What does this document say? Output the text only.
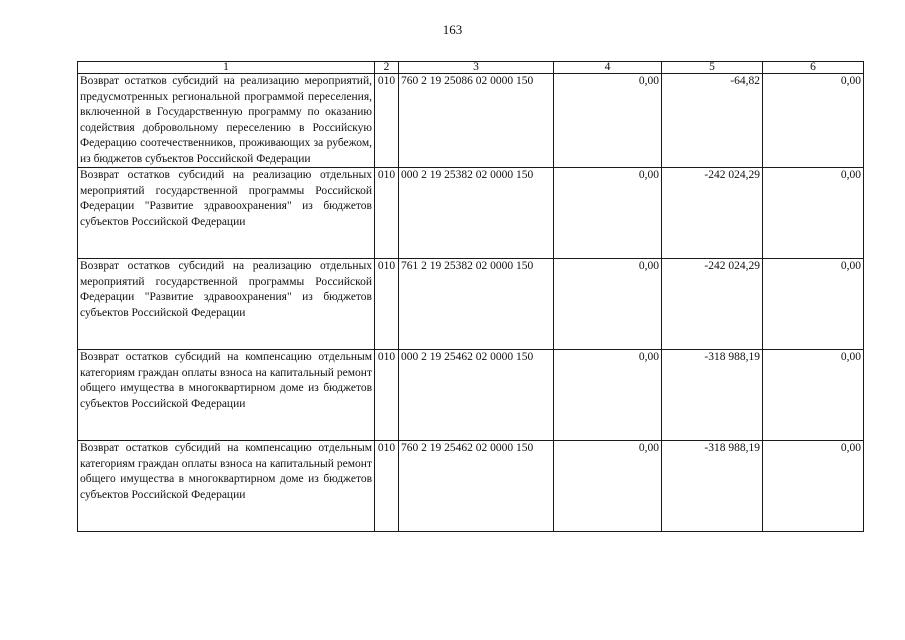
163
1	2	3	4	5	6
Возврат остатков субсидий на реализацию мероприятий, предусмотренных региональной программой переселения, включенной в Государственную программу по оказанию содействия добровольному переселению в Российскую Федерацию соотечественников, проживающих за рубежом, из бюджетов субъектов Российской Федерации	010	760 2 19 25086 02 0000 150	0,00	-64,82	0,00
Возврат остатков субсидий на реализацию отдельных мероприятий государственной программы Российской Федерации "Развитие здравоохранения" из бюджетов субъектов Российской Федерации	010	000 2 19 25382 02 0000 150	0,00	-242 024,29	0,00
Возврат остатков субсидий на реализацию отдельных мероприятий государственной программы Российской Федерации "Развитие здравоохранения" из бюджетов субъектов Российской Федерации	010	761 2 19 25382 02 0000 150	0,00	-242 024,29	0,00
Возврат остатков субсидий на компенсацию отдельным категориям граждан оплаты взноса на капитальный ремонт общего имущества в многоквартирном доме из бюджетов субъектов Российской Федерации	010	000 2 19 25462 02 0000 150	0,00	-318 988,19	0,00
Возврат остатков субсидий на компенсацию отдельным категориям граждан оплаты взноса на капитальный ремонт общего имущества в многоквартирном доме из бюджетов субъектов Российской Федерации	010	760 2 19 25462 02 0000 150	0,00	-318 988,19	0,00
